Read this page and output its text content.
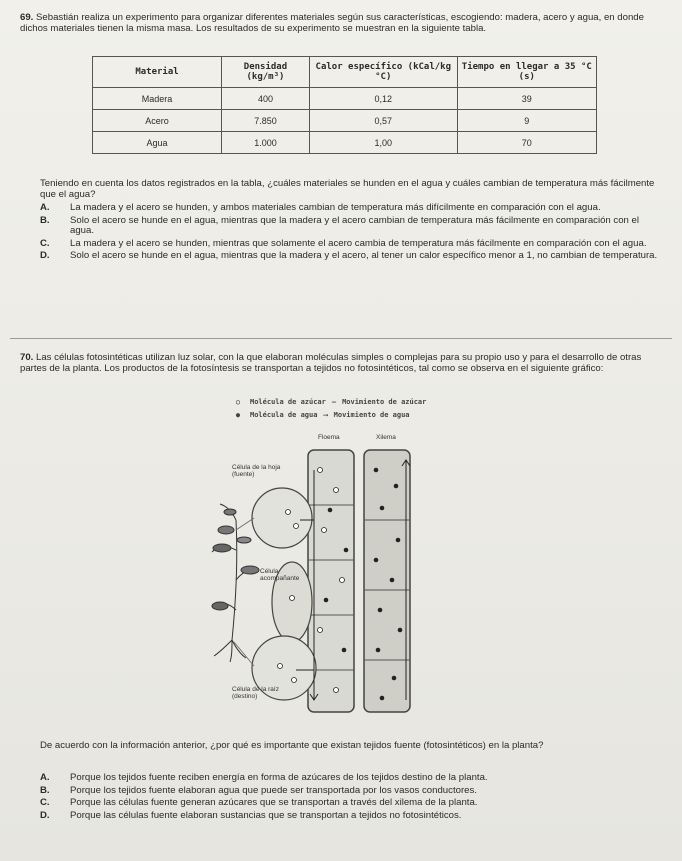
69. Sebastián realiza un experimento para organizar diferentes materiales según sus características, escogiendo: madera, acero y agua, en donde dichos materiales tienen la misma masa. Los resultados de su experimento se muestran en la siguiente tabla.
Material	Densidad (kg/m³)	Calor específico (kCal/kg °C)	Tiempo en llegar a 35 °C (s)
Madera	400	0,12	39
Acero	7.850	0,57	9
Agua	1.000	1,00	70
Teniendo en cuenta los datos registrados en la tabla, ¿cuáles materiales se hunden en el agua y cuáles cambian de temperatura más fácilmente que el agua?
A.	La madera y el acero se hunden, y ambos materiales cambian de temperatura más difícilmente en comparación con el agua.
B.	Solo el acero se hunde en el agua, mientras que la madera y el acero cambian de temperatura más fácilmente en comparación con el agua.
C.	La madera y el acero se hunden, mientras que solamente el acero cambia de temperatura más fácilmente en comparación con el agua.
D.	Solo el acero se hunde en el agua, mientras que la madera y el acero, al tener un calor específico menor a 1, no cambian de temperatura.
70. Las células fotosintéticas utilizan luz solar, con la que elaboran moléculas simples o complejas para su propio uso y para el desarrollo de otras partes de la planta. Los productos de la fotosíntesis se transportan a tejidos no fotosintéticos, tal como se observa en el siguiente gráfico:
○	Molécula de azúcar — Movimiento de azúcar
●	Molécula de agua ⟶ Movimiento de agua
Floema	Xilema
Célula de la hoja (fuente)
Célula acompañante
Célula de la raíz (destino)
De acuerdo con la información anterior, ¿por qué es importante que existan tejidos fuente (fotosintéticos) en la planta?
A.	Porque los tejidos fuente reciben energía en forma de azúcares de los tejidos destino de la planta.
B.	Porque los tejidos fuente elaboran agua que puede ser transportada por los vasos conductores.
C.	Porque las células fuente generan azúcares que se transportan a través del xilema de la planta.
D.	Porque las células fuente elaboran sustancias que se transportan a tejidos no fotosintéticos.
